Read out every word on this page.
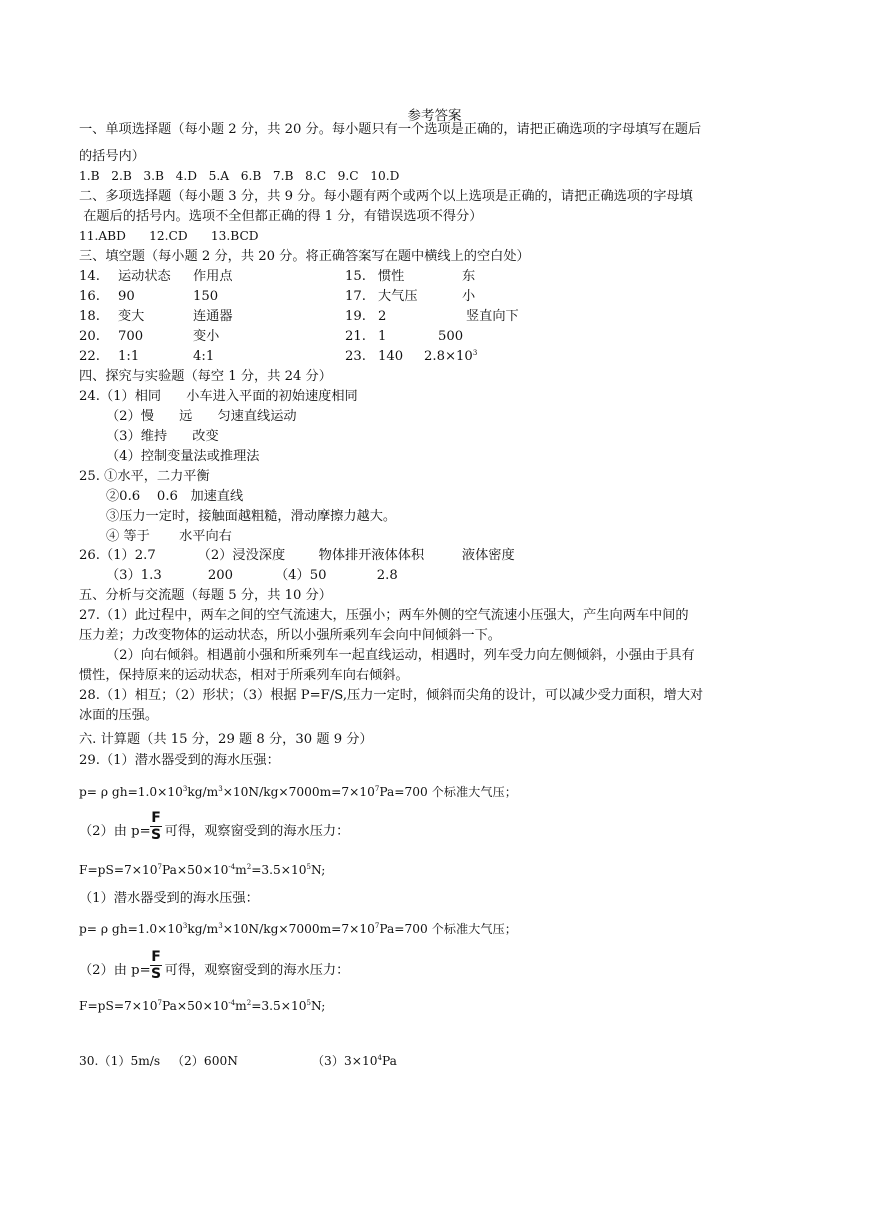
参考答案
一、单项选择题（每小题 2 分，共 20 分。每小题只有一个选项是正确的，请把正确选项的字母填写在题后
的括号内）
1.B   2.B   3.B   4.D   5.A   6.B   7.B   8.C   9.C   10.D
二、多项选择题（每小题 3 分，共 9 分。每小题有两个或两个以上选项是正确的，请把正确选项的字母填
在题后的括号内。选项不全但都正确的得 1 分，有错误选项不得分）
11.ABD      12.CD      13.BCD
三、填空题（每小题 2 分，共 20 分。将正确答案写在题中横线上的空白处）
14. 运动状态 作用点	15. 惯性	东
16. 90	150	17. 大气压	小
18. 变大	连通器	19. 2	竖直向下
20. 700	变小	21. 1	500
22. 1:1	4:1	23. 140 $2.8\times 10^3$
四、探究与实验题（每空 1 分，共 24 分）
24.（1）相同      小车进入平面的初始速度相同
（2）慢      远      匀速直线运动
（3）维持      改变
（4）控制变量法或推理法
25. ①水平，二力平衡
②0.6    0.6   加速直线
③压力一定时，接触面越粗糙，滑动摩擦力越大。
④ 等于       水平向右
26.（1）2.7          （2）浸没深度        物体排开液体体积         液体密度
（3）1.3           200          （4）50            2.8
五、分析与交流题（每题 5 分，共 10 分）
27.（1）此过程中，两车之间的空气流速大，压强小；两车外侧的空气流速小压强大，产生向两车中间的
压力差；力改变物体的运动状态，所以小强所乘列车会向中间倾斜一下。
（2）向右倾斜。相遇前小强和所乘列车一起直线运动，相遇时，列车受力向左侧倾斜，小强由于具有
惯性，保持原来的运动状态，相对于所乘列车向右倾斜。
28.（1）相互；（2）形状；（3）根据 P=F/S,压力一定时，倾斜而尖角的设计，可以减少受力面积，增大对
冰面的压强。
六. 计算题（共 15 分，29 题 8 分，30 题 9 分）
29.（1）潜水器受到的海水压强：
p= ρ $gh=1.0\times 10^3kg/m^3\times 10N/kg\times 7000m=7\times 10^7Pa=700$ 个标准大气压；
（2）由 p= 可得，观察窗受到的海水压力：
$\frac{F}{S}$
$F=pS=7\times 10^7Pa\times 50\times 10^{-4}m^2=3.5\times 10^5N$;
（1）潜水器受到的海水压强：
p= ρ $gh=1.0\times 10^3kg/m^3\times 10N/kg\times 7000m=7\times 10^7Pa=700$ 个标准大气压；
（2）由 p= 可得，观察窗受到的海水压力：
$\frac{F}{S}$
$F=pS=7\times 10^7Pa\times 50\times 10^{-4}m^2=3.5\times 10^5N$;
30.（1）5m/s   （2）600N	$(3)3\times 10^4Pa$
